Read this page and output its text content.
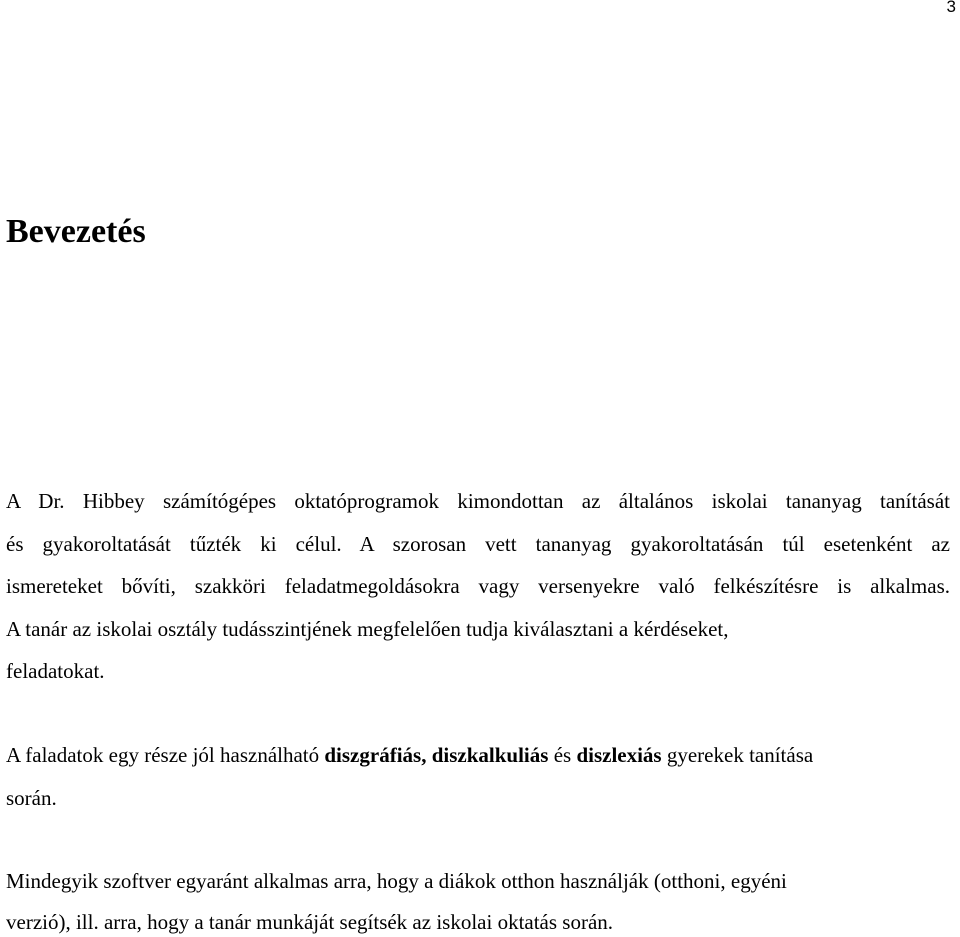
3
Bevezetés
A Dr. Hibbey számítógépes oktatóprogramok kimondottan az általános iskolai tananyag tanítását
és gyakoroltatását tűzték ki célul. A szorosan vett tananyag gyakoroltatásán túl esetenként az
ismereteket bővíti, szakköri feladatmegoldásokra vagy versenyekre való felkészítésre is alkalmas.
A tanár az iskolai osztály tudásszintjének megfelelően tudja kiválasztani a kérdéseket,
feladatokat.
A faladatok egy része jól használható diszgráfiás, diszkalkuliás és diszlexiás gyerekek tanítása
során.
Mindegyik szoftver egyaránt alkalmas arra, hogy a diákok otthon használják (otthoni, egyéni
verzió), ill. arra, hogy a tanár munkáját segítsék az iskolai oktatás során.
